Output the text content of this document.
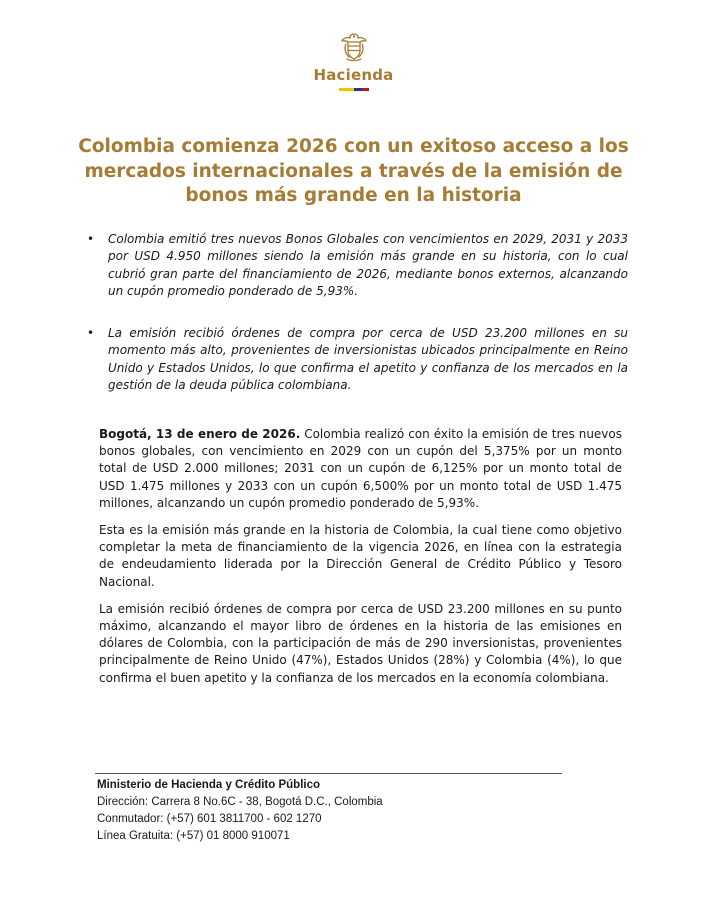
Hacienda
Colombia comienza 2026 con un exitoso acceso a los mercados internacionales a través de la emisión de bonos más grande en la historia
• Colombia emitió tres nuevos Bonos Globales con vencimientos en 2029, 2031 y 2033 por USD 4.950 millones siendo la emisión más grande en su historia, con lo cual cubrió gran parte del financiamiento de 2026, mediante bonos externos, alcanzando un cupón promedio ponderado de 5,93%.
• La emisión recibió órdenes de compra por cerca de USD 23.200 millones en su momento más alto, provenientes de inversionistas ubicados principalmente en Reino Unido y Estados Unidos, lo que confirma el apetito y confianza de los mercados en la gestión de la deuda pública colombiana.

Bogotá, 13 de enero de 2026. Colombia realizó con éxito la emisión de tres nuevos bonos globales, con vencimiento en 2029 con un cupón del 5,375% por un monto total de USD 2.000 millones; 2031 con un cupón de 6,125% por un monto total de USD 1.475 millones y 2033 con un cupón 6,500% por un monto total de USD 1.475 millones, alcanzando un cupón promedio ponderado de 5,93%.

Esta es la emisión más grande en la historia de Colombia, la cual tiene como objetivo completar la meta de financiamiento de la vigencia 2026, en línea con la estrategia de endeudamiento liderada por la Dirección General de Crédito Público y Tesoro Nacional.

La emisión recibió órdenes de compra por cerca de USD 23.200 millones en su punto máximo, alcanzando el mayor libro de órdenes en la historia de las emisiones en dólares de Colombia, con la participación de más de 290 inversionistas, provenientes principalmente de Reino Unido (47%), Estados Unidos (28%) y Colombia (4%), lo que confirma el buen apetito y la confianza de los mercados en la economía colombiana.

Ministerio de Hacienda y Crédito Público
Dirección: Carrera 8 No.6C - 38, Bogotá D.C., Colombia
Conmutador: (+57) 601 3811700 - 602 1270
Línea Gratuita: (+57) 01 8000 910071
